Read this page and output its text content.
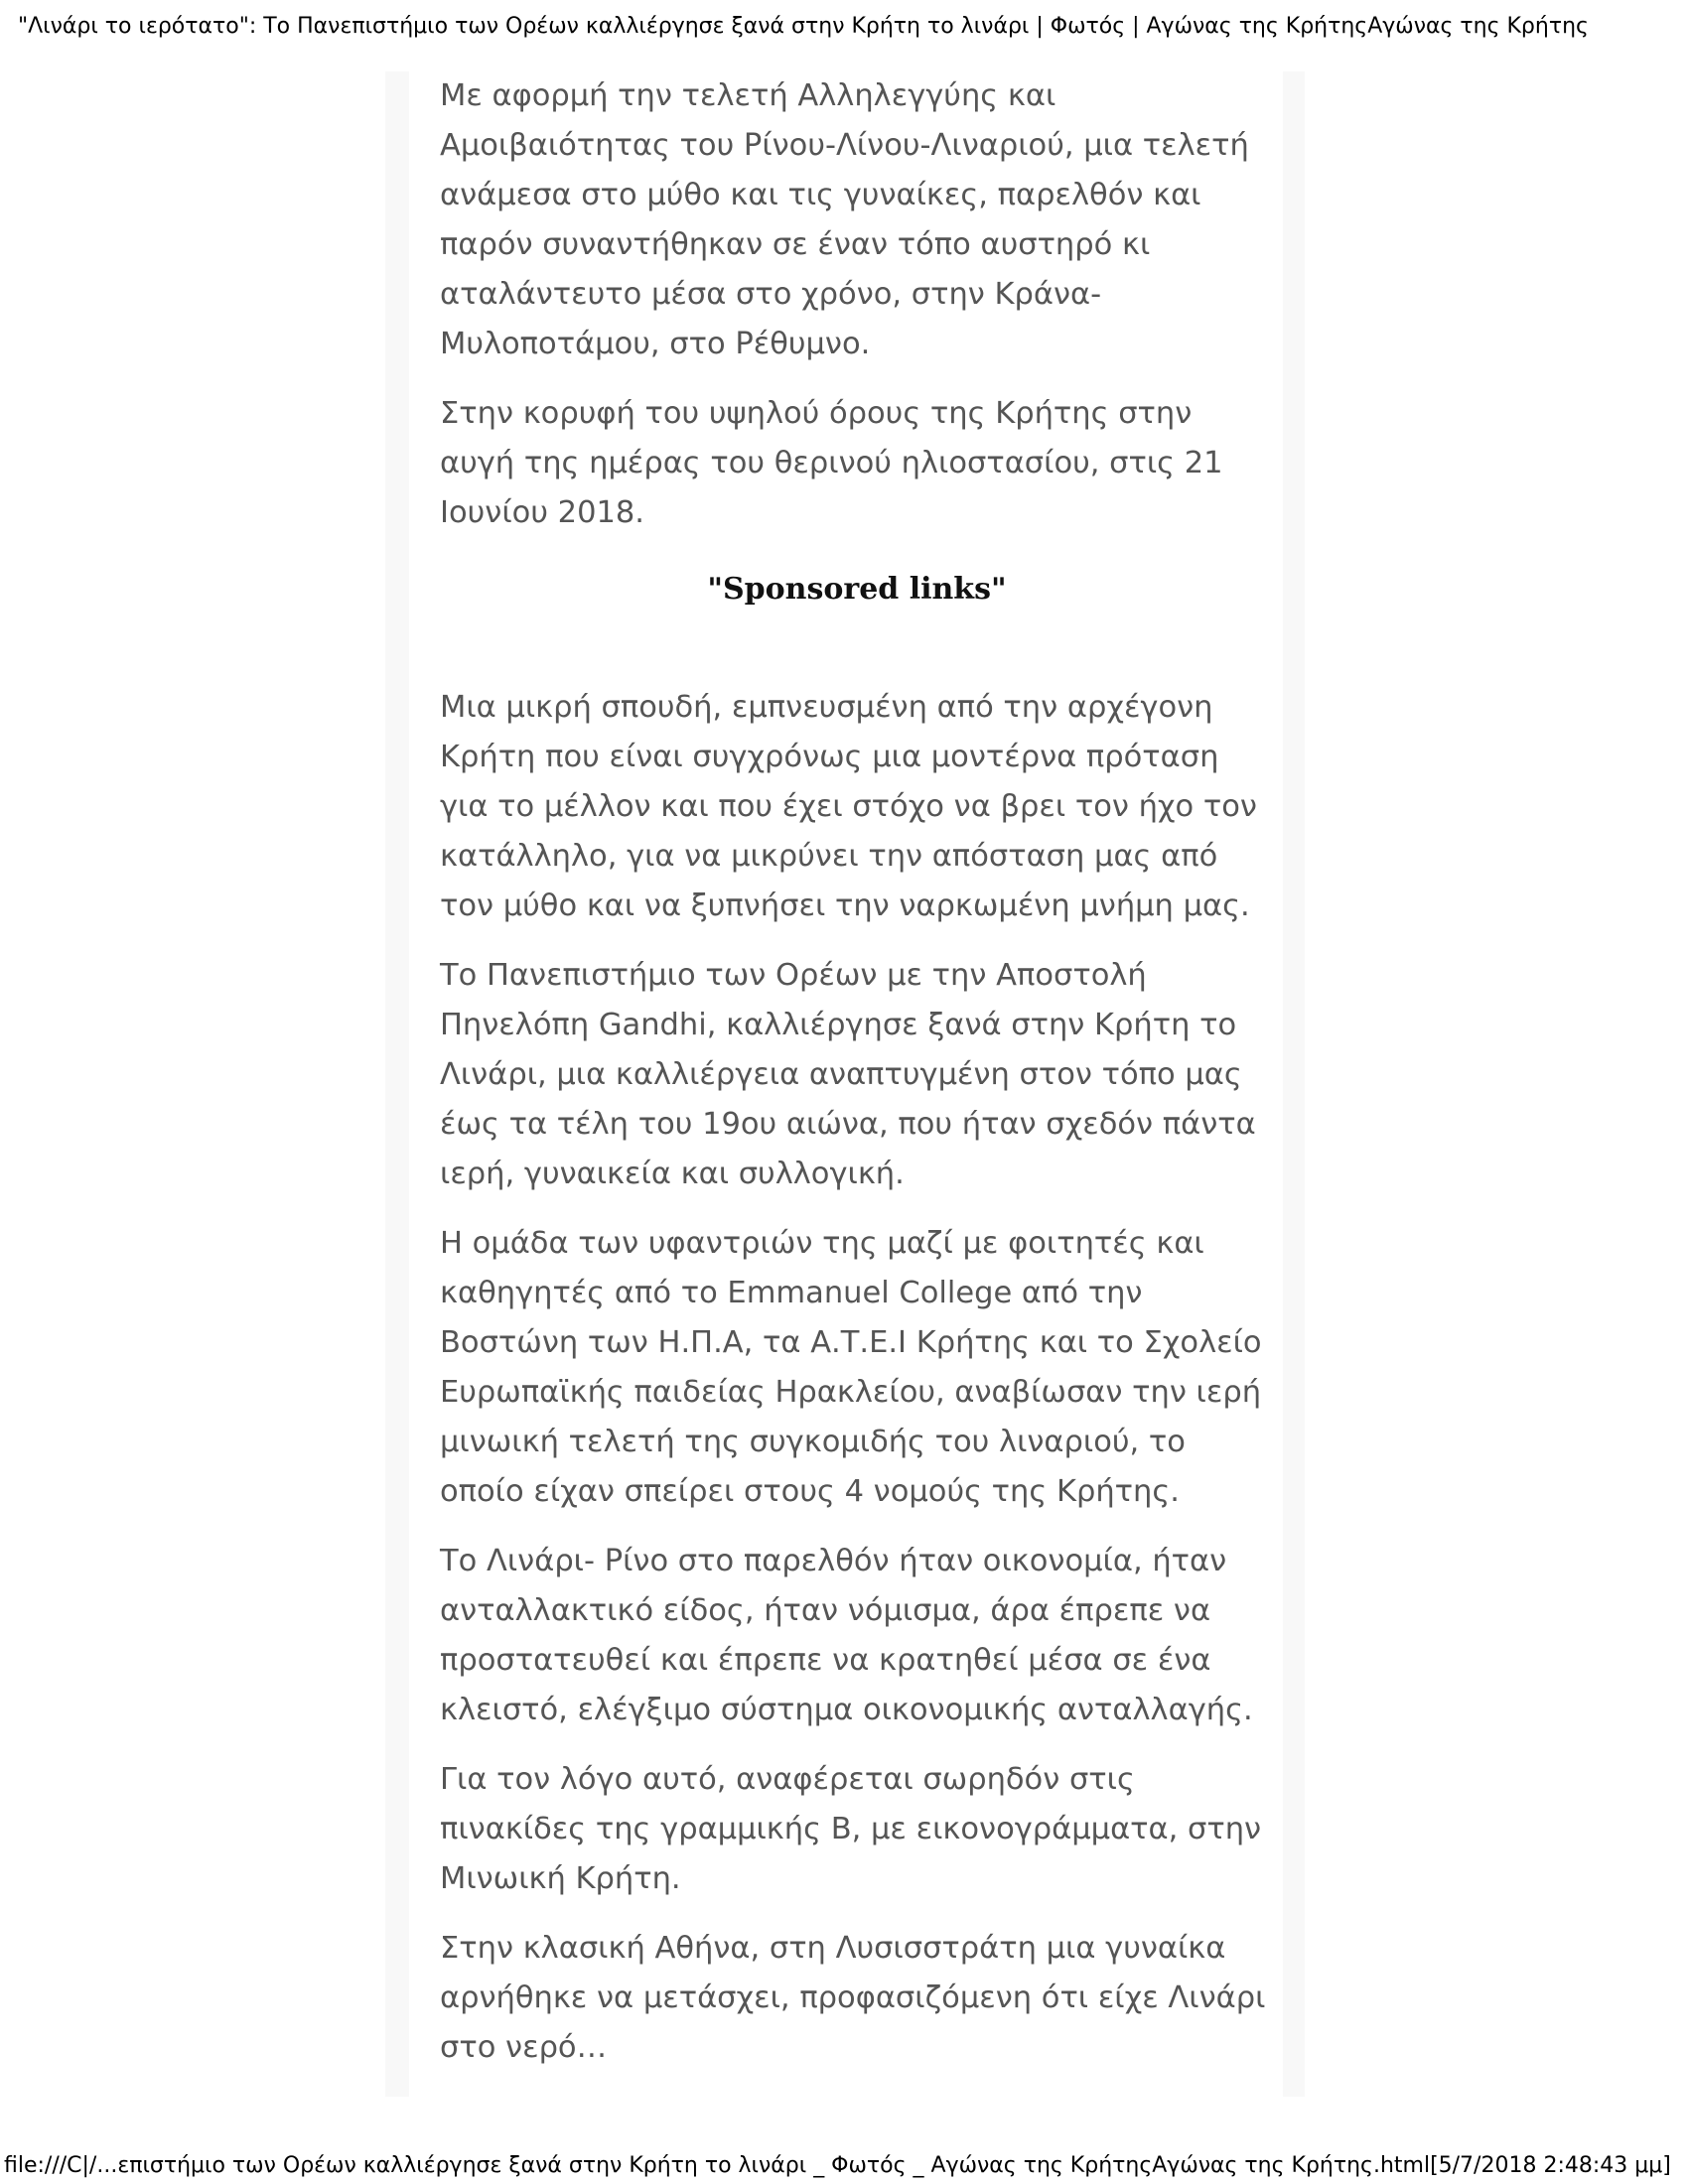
"Λινάρι το ιερότατο": Το Πανεπιστήμιο των Ορέων καλλιέργησε ξανά στην Κρήτη το λινάρι | Φωτός | Αγώνας της ΚρήτηςΑγώνας της Κρήτης

Με αφορμή την τελετή Αλληλεγγύης και Αμοιβαιότητας του Ρίνου-Λίνου-Λιναριού, μια τελετή ανάμεσα στο μύθο και τις γυναίκες, παρελθόν και παρόν συναντήθηκαν σε έναν τόπο αυστηρό κι αταλάντευτο μέσα στο χρόνο, στην Κράνα-Μυλοποτάμου, στο Ρέθυμνο.

Στην κορυφή του υψηλού όρους της Κρήτης στην αυγή της ημέρας του θερινού ηλιοστασίου, στις 21 Ιουνίου 2018.

"Sponsored links"

Μια μικρή σπουδή, εμπνευσμένη από την αρχέγονη Κρήτη που είναι συγχρόνως μια μοντέρνα πρόταση για το μέλλον και που έχει στόχο να βρει τον ήχο τον κατάλληλο, για να μικρύνει την απόσταση μας από τον μύθο και να ξυπνήσει την ναρκωμένη μνήμη μας.

Το Πανεπιστήμιο των Ορέων με την Αποστολή Πηνελόπη Gandhi, καλλιέργησε ξανά στην Κρήτη το Λινάρι, μια καλλιέργεια αναπτυγμένη στον τόπο μας έως τα τέλη του 19ου αιώνα, που ήταν σχεδόν πάντα ιερή, γυναικεία και συλλογική.

Η ομάδα των υφαντριών της μαζί με φοιτητές και καθηγητές από το Emmanuel College από την Βοστώνη των Η.Π.Α, τα Α.Τ.Ε.Ι Κρήτης και το Σχολείο Ευρωπαϊκής παιδείας Ηρακλείου, αναβίωσαν την ιερή μινωική τελετή της συγκομιδής του λιναριού, το οποίο είχαν σπείρει στους 4 νομούς της Κρήτης.

Το Λινάρι- Ρίνο στο παρελθόν ήταν οικονομία, ήταν ανταλλακτικό είδος, ήταν νόμισμα, άρα έπρεπε να προστατευθεί και έπρεπε να κρατηθεί μέσα σε ένα κλειστό, ελέγξιμο σύστημα οικονομικής ανταλλαγής.

Για τον λόγο αυτό, αναφέρεται σωρηδόν στις πινακίδες της γραμμικής Β, με εικονογράμματα, στην Μινωική Κρήτη.

Στην κλασική Αθήνα, στη Λυσισστράτη μια γυναίκα αρνήθηκε να μετάσχει, προφασιζόμενη ότι είχε Λινάρι στο νερό…

file:///C|/...επιστήμιο των Ορέων καλλιέργησε ξανά στην Κρήτη το λινάρι _ Φωτός _ Αγώνας της ΚρήτηςΑγώνας της Κρήτης.html[5/7/2018 2:48:43 μμ]
